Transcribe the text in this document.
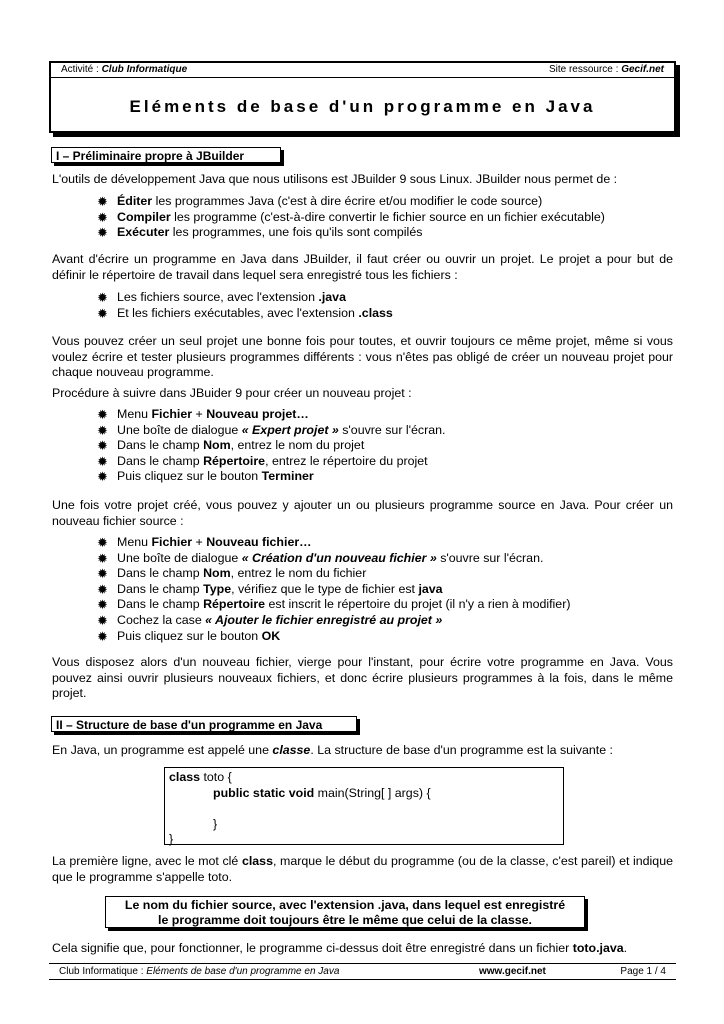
Activité : Club Informatique	Site ressource : Gecif.net
Eléments de base d'un programme en Java
I – Préliminaire propre à JBuilder
L'outils de développement Java que nous utilisons est JBuilder 9 sous Linux. JBuilder nous permet de :
✹ Éditer les programmes Java (c'est à dire écrire et/ou modifier le code source)
✹ Compiler les programme (c'est-à-dire convertir le fichier source en un fichier exécutable)
✹ Exécuter les programmes, une fois qu'ils sont compilés
Avant d'écrire un programme en Java dans JBuilder, il faut créer ou ouvrir un projet. Le projet a pour but de définir le répertoire de travail dans lequel sera enregistré tous les fichiers :
✹ Les fichiers source, avec l'extension .java
✹ Et les fichiers exécutables, avec l'extension .class
Vous pouvez créer un seul projet une bonne fois pour toutes, et ouvrir toujours ce même projet, même si vous voulez écrire et tester plusieurs programmes différents : vous n'êtes pas obligé de créer un nouveau projet pour chaque nouveau programme.
Procédure à suivre dans JBuider 9 pour créer un nouveau projet :
✹ Menu Fichier + Nouveau projet…
✹ Une boîte de dialogue « Expert projet » s'ouvre sur l'écran.
✹ Dans le champ Nom, entrez le nom du projet
✹ Dans le champ Répertoire, entrez le répertoire du projet
✹ Puis cliquez sur le bouton Terminer
Une fois votre projet créé, vous pouvez y ajouter un ou plusieurs programme source en Java. Pour créer un nouveau fichier source :
✹ Menu Fichier + Nouveau fichier…
✹ Une boîte de dialogue « Création d'un nouveau fichier » s'ouvre sur l'écran.
✹ Dans le champ Nom, entrez le nom du fichier
✹ Dans le champ Type, vérifiez que le type de fichier est java
✹ Dans le champ Répertoire est inscrit le répertoire du projet (il n'y a rien à modifier)
✹ Cochez la case « Ajouter le fichier enregistré au projet »
✹ Puis cliquez sur le bouton OK
Vous disposez alors d'un nouveau fichier, vierge pour l'instant, pour écrire votre programme en Java. Vous pouvez ainsi ouvrir plusieurs nouveaux fichiers, et donc écrire plusieurs programmes à la fois, dans le même projet.
II – Structure de base d'un programme en Java
En Java, un programme est appelé une classe. La structure de base d'un programme est la suivante :
class toto {
public static void main(String[ ] args) {
}
}
La première ligne, avec le mot clé class, marque le début du programme (ou de la classe, c'est pareil) et indique que le programme s'appelle toto.
Le nom du fichier source, avec l'extension .java, dans lequel est enregistré
le programme doit toujours être le même que celui de la classe.
Cela signifie que, pour fonctionner, le programme ci-dessus doit être enregistré dans un fichier toto.java.
Club Informatique : Eléments de base d'un programme en Java	www.gecif.net	Page 1 / 4
